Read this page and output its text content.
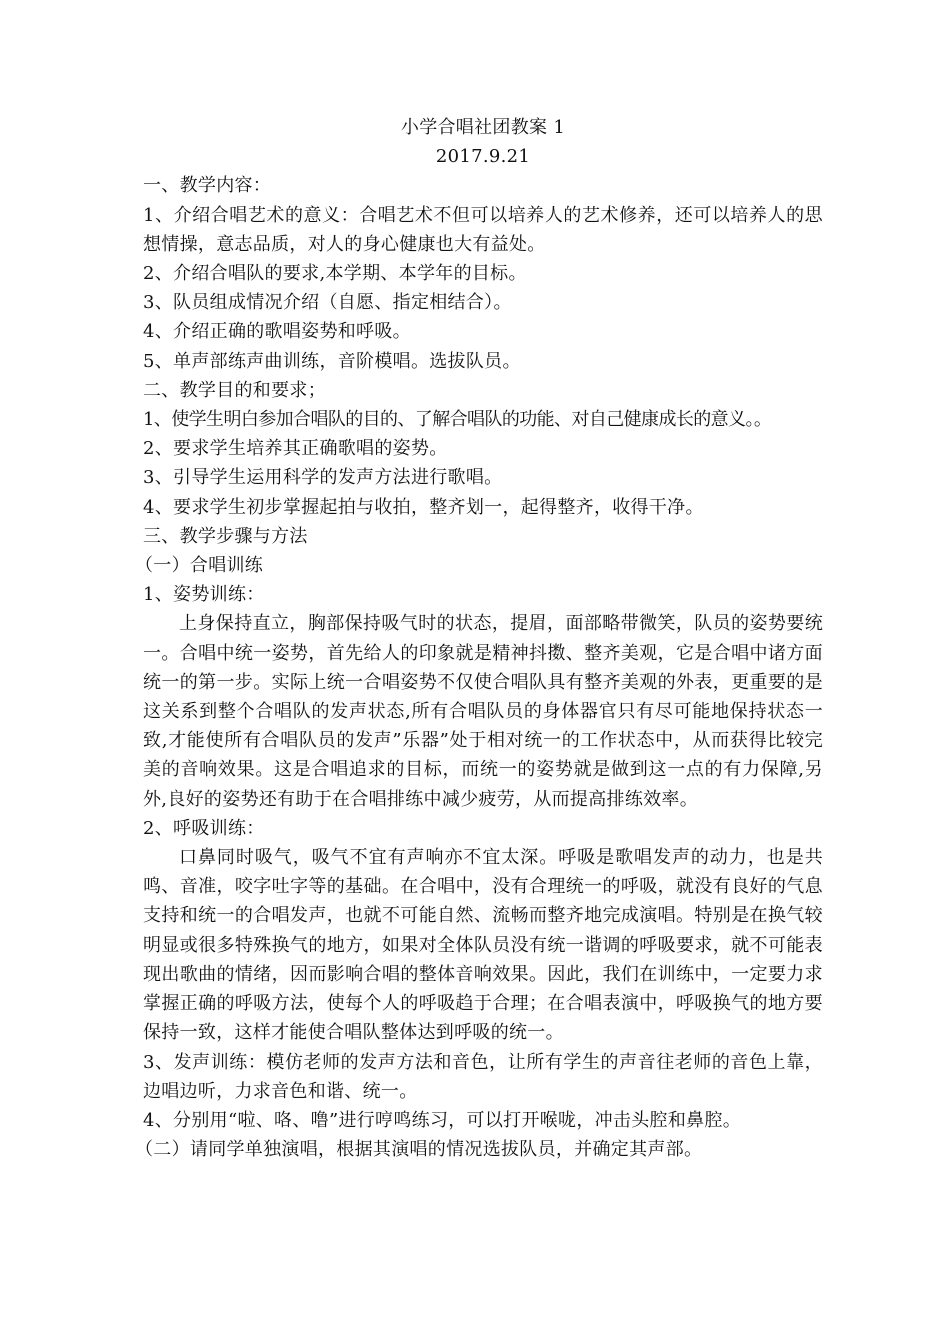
小学合唱社团教案 1

2017.9.21

一、教学内容：

1、介绍合唱艺术的意义：合唱艺术不但可以培养人的艺术修养，还可以培养人的思想情操，意志品质，对人的身心健康也大有益处。

2、介绍合唱队的要求,本学期、本学年的目标。

3、队员组成情况介绍（自愿、指定相结合）。

4、介绍正确的歌唱姿势和呼吸。

5、单声部练声曲训练，音阶模唱。选拔队员。

二、教学目的和要求；

1、使学生明白参加合唱队的目的、了解合唱队的功能、对自己健康成长的意义。。

2、要求学生培养其正确歌唱的姿势。

3、引导学生运用科学的发声方法进行歌唱。

4、要求学生初步掌握起拍与收拍，整齐划一，起得整齐，收得干净。

三、教学步骤与方法

（一）合唱训练

1、姿势训练：

上身保持直立，胸部保持吸气时的状态，提眉，面部略带微笑，队员的姿势要统一。合唱中统一姿势，首先给人的印象就是精神抖擞、整齐美观，它是合唱中诸方面统一的第一步。实际上统一合唱姿势不仅使合唱队具有整齐美观的外表，更重要的是这关系到整个合唱队的发声状态,所有合唱队员的身体器官只有尽可能地保持状态一致,才能使所有合唱队员的发声”乐器”处于相对统一的工作状态中，从而获得比较完美的音响效果。这是合唱追求的目标，而统一的姿势就是做到这一点的有力保障,另外,良好的姿势还有助于在合唱排练中减少疲劳，从而提高排练效率。

2、呼吸训练：

口鼻同时吸气，吸气不宜有声响亦不宜太深。呼吸是歌唱发声的动力，也是共鸣、音准，咬字吐字等的基础。在合唱中，没有合理统一的呼吸，就没有良好的气息支持和统一的合唱发声，也就不可能自然、流畅而整齐地完成演唱。特别是在换气较明显或很多特殊换气的地方，如果对全体队员没有统一谐调的呼吸要求，就不可能表现出歌曲的情绪，因而影响合唱的整体音响效果。因此，我们在训练中，一定要力求掌握正确的呼吸方法，使每个人的呼吸趋于合理；在合唱表演中，呼吸换气的地方要保持一致，这样才能使合唱队整体达到呼吸的统一。

3、发声训练：模仿老师的发声方法和音色，让所有学生的声音往老师的音色上靠，边唱边听，力求音色和谐、统一。

4、分别用“啦、咯、噜”进行哼鸣练习，可以打开喉咙，冲击头腔和鼻腔。

（二）请同学单独演唱，根据其演唱的情况选拔队员，并确定其声部。
